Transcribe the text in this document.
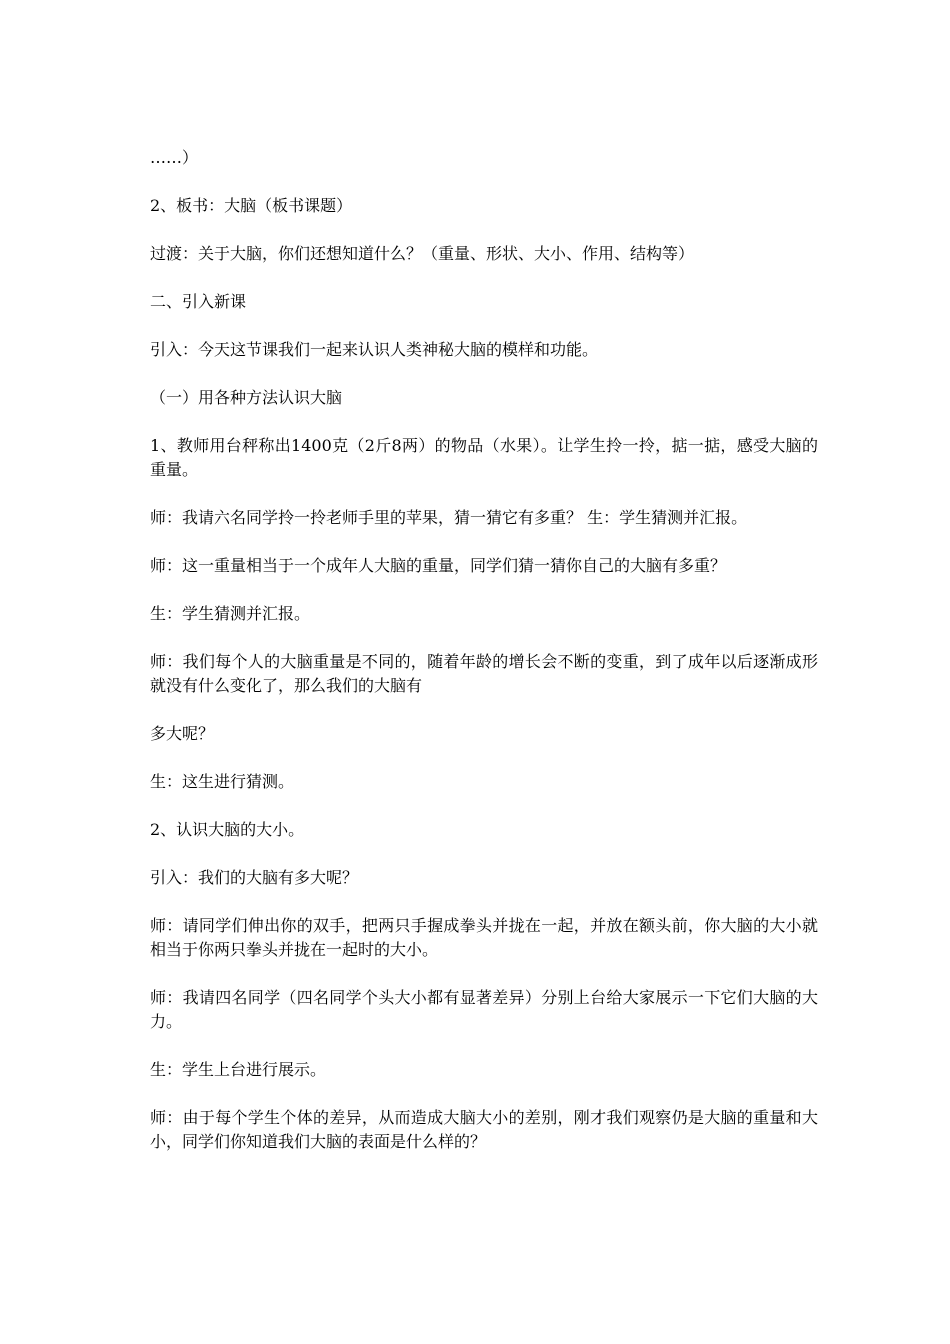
……）

2、板书：大脑（板书课题）

过渡：关于大脑，你们还想知道什么？（重量、形状、大小、作用、结构等）

二、引入新课

引入：今天这节课我们一起来认识人类神秘大脑的模样和功能。

（一）用各种方法认识大脑

1、教师用台秤称出1400克（2斤8两）的物品（水果）。让学生拎一拎，掂一掂，感受大脑的重量。

师：我请六名同学拎一拎老师手里的苹果，猜一猜它有多重？ 生：学生猜测并汇报。

师：这一重量相当于一个成年人大脑的重量，同学们猜一猜你自己的大脑有多重？

生：学生猜测并汇报。

师：我们每个人的大脑重量是不同的，随着年龄的增长会不断的变重，到了成年以后逐渐成形就没有什么变化了，那么我们的大脑有

多大呢？

生：这生进行猜测。

2、认识大脑的大小。

引入：我们的大脑有多大呢？

师：请同学们伸出你的双手，把两只手握成拳头并拢在一起，并放在额头前，你大脑的大小就相当于你两只拳头并拢在一起时的大小。

师：我请四名同学（四名同学个头大小都有显著差异）分别上台给大家展示一下它们大脑的大力。

生：学生上台进行展示。

师：由于每个学生个体的差异，从而造成大脑大小的差别，刚才我们观察仍是大脑的重量和大小，同学们你知道我们大脑的表面是什么样的？
